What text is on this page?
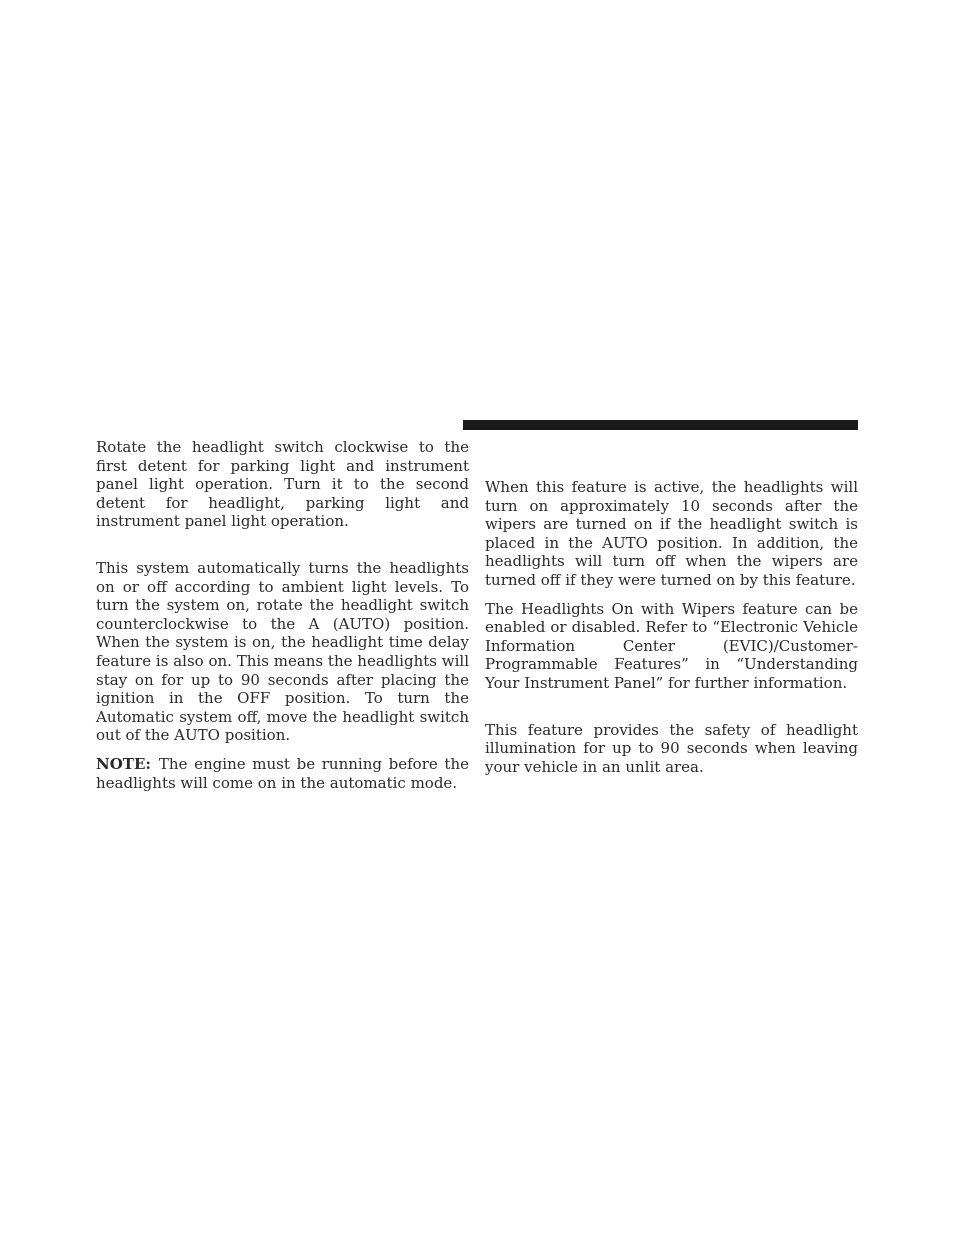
Rotate the headlight switch clockwise to the first detent for parking light and instrument panel light operation. Turn it to the second detent for headlight, parking light and instrument panel light operation.

This system automatically turns the headlights on or off according to ambient light levels. To turn the system on, rotate the headlight switch counterclockwise to the A (AUTO) position. When the system is on, the headlight time delay feature is also on. This means the headlights will stay on for up to 90 seconds after placing the ignition in the OFF position. To turn the Automatic system off, move the headlight switch out of the AUTO position.

NOTE: The engine must be running before the headlights will come on in the automatic mode.

When this feature is active, the headlights will turn on approximately 10 seconds after the wipers are turned on if the headlight switch is placed in the AUTO position. In addition, the headlights will turn off when the wipers are turned off if they were turned on by this feature.

The Headlights On with Wipers feature can be enabled or disabled. Refer to “Electronic Vehicle Information Center (EVIC)/Customer-Programmable Features” in “Understanding Your Instrument Panel” for further information.

This feature provides the safety of headlight illumination for up to 90 seconds when leaving your vehicle in an unlit area.
